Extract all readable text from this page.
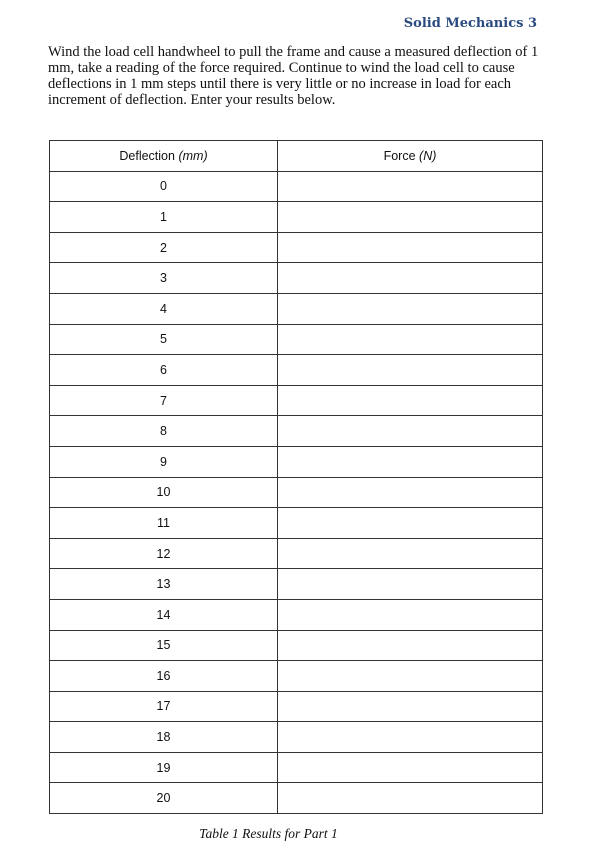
Solid Mechanics 3

Wind the load cell handwheel to pull the frame and cause a measured deflection of 1 mm, take a reading of the force required. Continue to wind the load cell to cause deflections in 1 mm steps until there is very little or no increase in load for each increment of deflection. Enter your results below.

Deflection (mm)	Force (N)
0	
1	
2	
3	
4	
5	
6	
7	
8	
9	
10	
11	
12	
13	
14	
15	
16	
17	
18	
19	
20	
Table 1 Results for Part 1
